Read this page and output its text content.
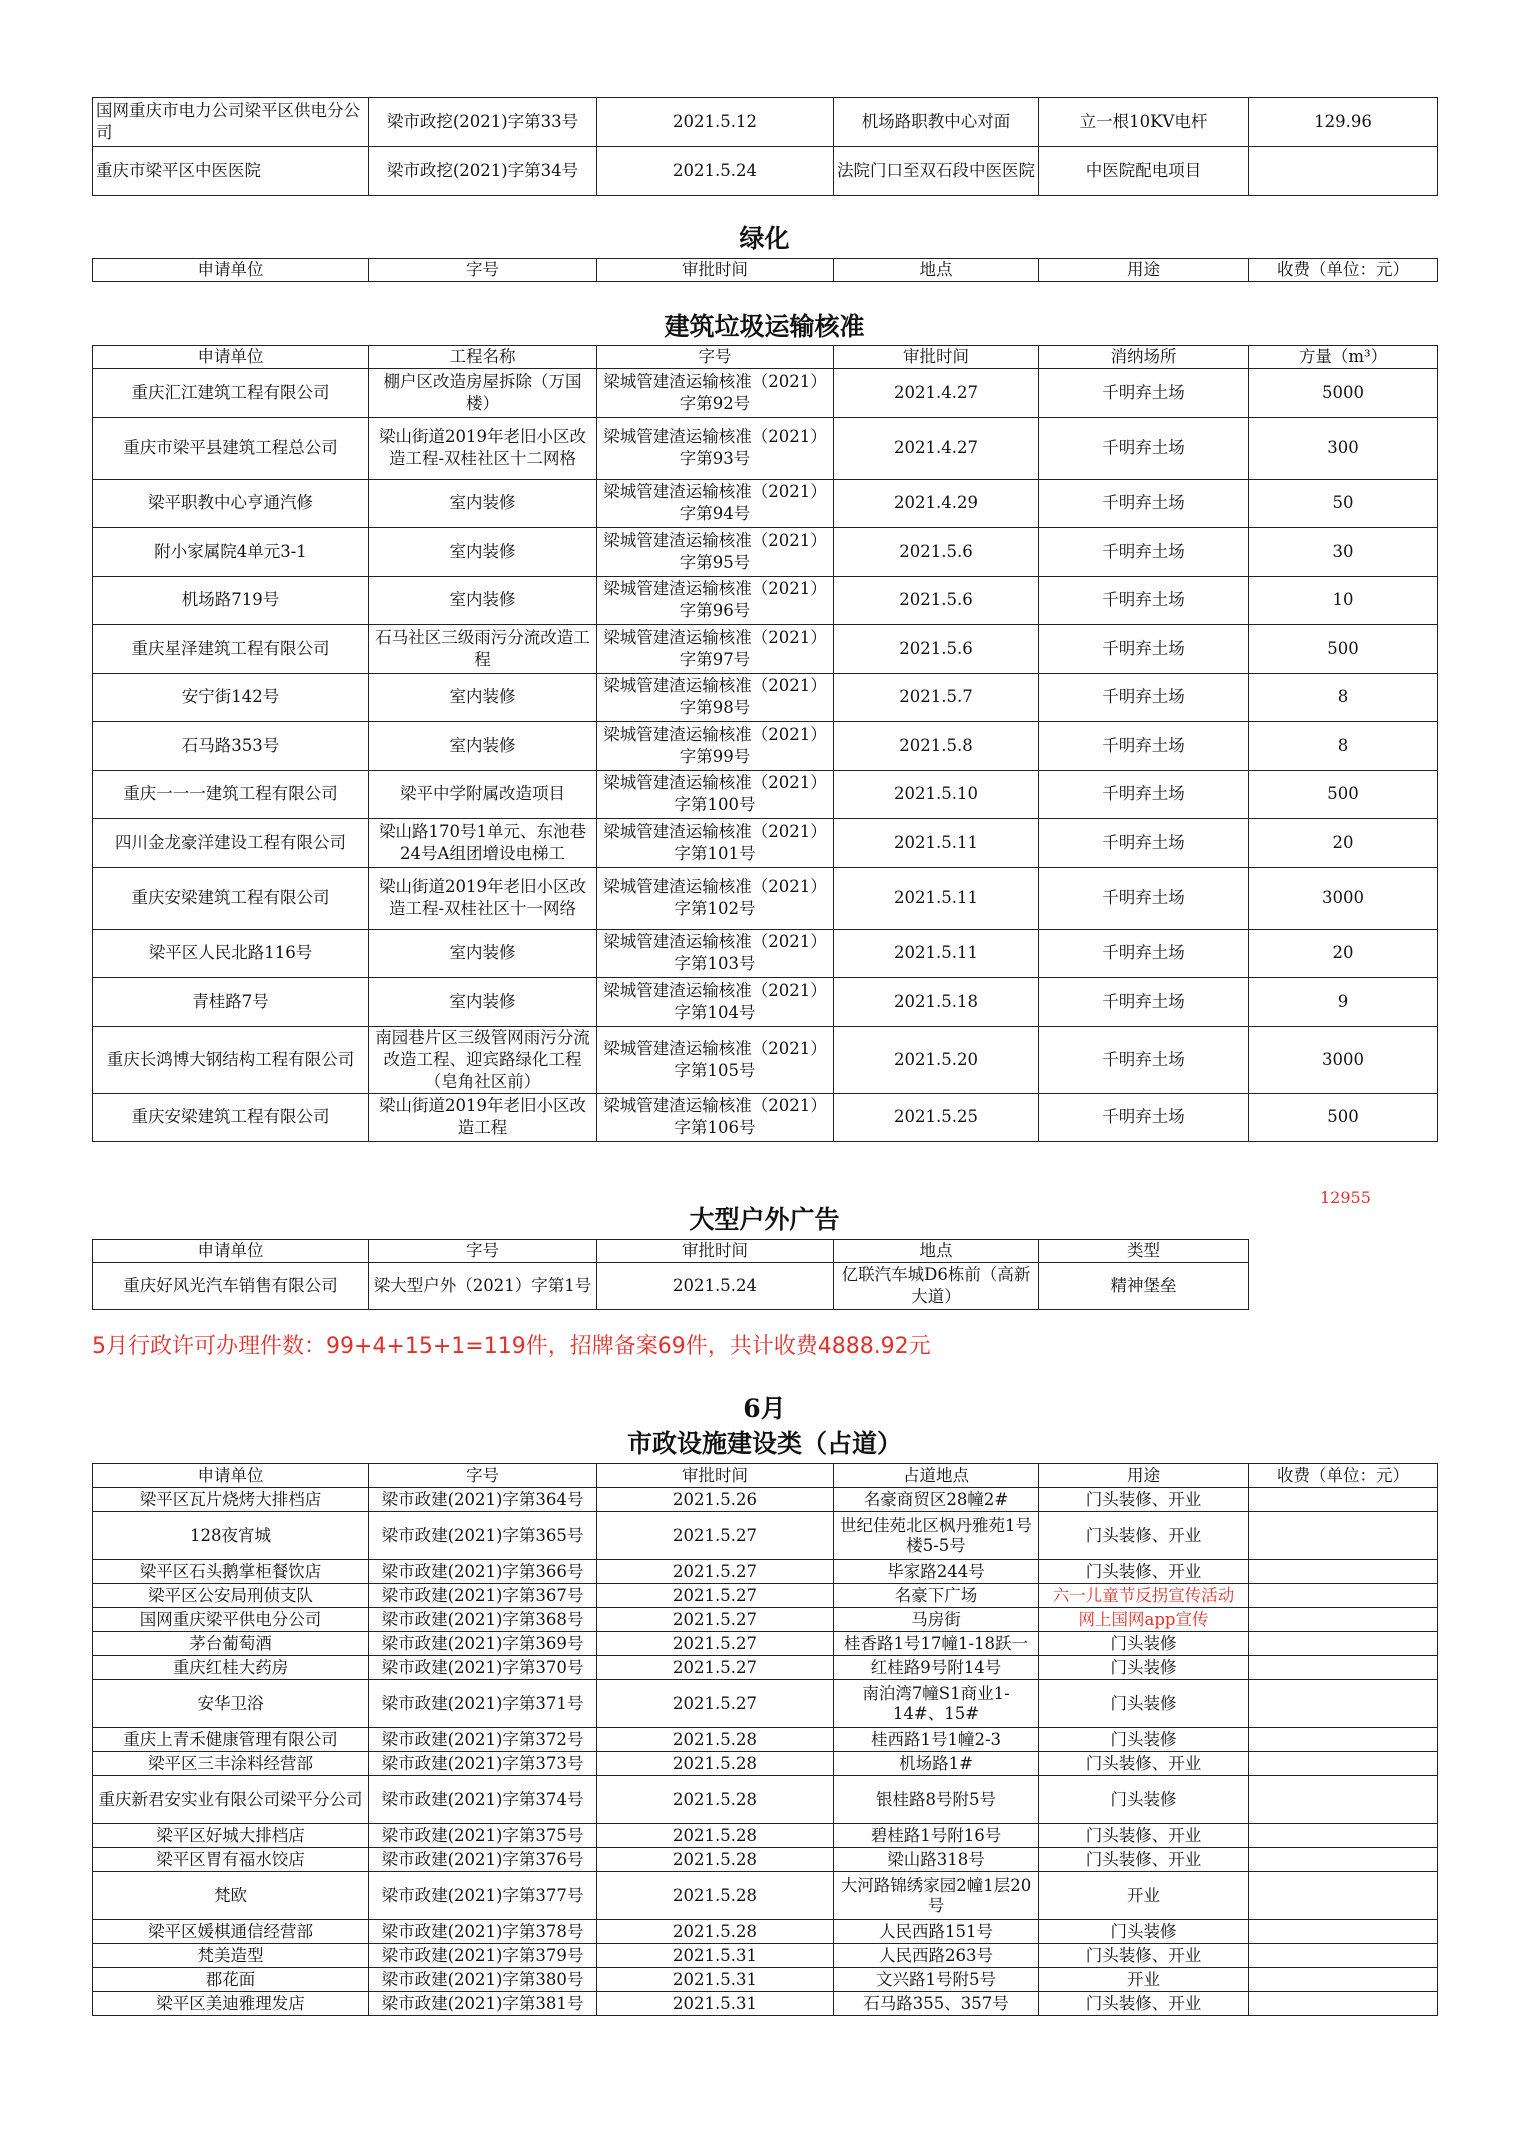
国网重庆市电力公司梁平区供电分公司	梁市政挖(2021)字第33号	2021.5.12	机场路职教中心对面	立一根10KV电杆	129.96
重庆市梁平区中医医院	梁市政挖(2021)字第34号	2021.5.24	法院门口至双石段中医医院	中医院配电项目	
绿化
申请单位	字号	审批时间	地点	用途	收费（单位：元）
建筑垃圾运输核准
申请单位	工程名称	字号	审批时间	消纳场所	方量（m³）
重庆汇江建筑工程有限公司	棚户区改造房屋拆除（万国楼）	梁城管建渣运输核准（2021）字第92号	2021.4.27	千明弃土场	5000
重庆市梁平县建筑工程总公司	梁山街道2019年老旧小区改造工程-双桂社区十二网格	梁城管建渣运输核准（2021）字第93号	2021.4.27	千明弃土场	300
梁平职教中心亨通汽修	室内装修	梁城管建渣运输核准（2021）字第94号	2021.4.29	千明弃土场	50
附小家属院4单元3-1	室内装修	梁城管建渣运输核准（2021）字第95号	2021.5.6	千明弃土场	30
机场路719号	室内装修	梁城管建渣运输核准（2021）字第96号	2021.5.6	千明弃土场	10
重庆星泽建筑工程有限公司	石马社区三级雨污分流改造工程	梁城管建渣运输核准（2021）字第97号	2021.5.6	千明弃土场	500
安宁街142号	室内装修	梁城管建渣运输核准（2021）字第98号	2021.5.7	千明弃土场	8
石马路353号	室内装修	梁城管建渣运输核准（2021）字第99号	2021.5.8	千明弃土场	8
重庆一一一建筑工程有限公司	梁平中学附属改造项目	梁城管建渣运输核准（2021）字第100号	2021.5.10	千明弃土场	500
四川金龙豪洋建设工程有限公司	梁山路170号1单元、东池巷24号A组团增设电梯工	梁城管建渣运输核准（2021）字第101号	2021.5.11	千明弃土场	20
重庆安梁建筑工程有限公司	梁山街道2019年老旧小区改造工程-双桂社区十一网络	梁城管建渣运输核准（2021）字第102号	2021.5.11	千明弃土场	3000
梁平区人民北路116号	室内装修	梁城管建渣运输核准（2021）字第103号	2021.5.11	千明弃土场	20
青桂路7号	室内装修	梁城管建渣运输核准（2021）字第104号	2021.5.18	千明弃土场	9
重庆长鸿博大钢结构工程有限公司	南园巷片区三级管网雨污分流改造工程、迎宾路绿化工程（皂角社区前）	梁城管建渣运输核准（2021）字第105号	2021.5.20	千明弃土场	3000
重庆安梁建筑工程有限公司	梁山街道2019年老旧小区改造工程	梁城管建渣运输核准（2021）字第106号	2021.5.25	千明弃土场	500
12955
大型户外广告
申请单位	字号	审批时间	地点	类型
重庆好风光汽车销售有限公司	梁大型户外（2021）字第1号	2021.5.24	亿联汽车城D6栋前（高新大道）	精神堡垒
5月行政许可办理件数：99+4+15+1=119件，招牌备案69件，共计收费4888.92元
6月
市政设施建设类（占道）
申请单位	字号	审批时间	占道地点	用途	收费（单位：元）
梁平区瓦片烧烤大排档店	梁市政建(2021)字第364号	2021.5.26	名豪商贸区28幢2#	门头装修、开业	
128夜宵城	梁市政建(2021)字第365号	2021.5.27	世纪佳苑北区枫丹雅苑1号楼5-5号	门头装修、开业	
梁平区石头鹅掌柜餐饮店	梁市政建(2021)字第366号	2021.5.27	毕家路244号	门头装修、开业	
梁平区公安局刑侦支队	梁市政建(2021)字第367号	2021.5.27	名豪下广场	六一儿童节反拐宣传活动	
国网重庆梁平供电分公司	梁市政建(2021)字第368号	2021.5.27	马房街	网上国网app宣传	
茅台葡萄酒	梁市政建(2021)字第369号	2021.5.27	桂香路1号17幢1-18跃一	门头装修	
重庆红桂大药房	梁市政建(2021)字第370号	2021.5.27	红桂路9号附14号	门头装修	
安华卫浴	梁市政建(2021)字第371号	2021.5.27	南泊湾7幢S1商业1-14#、15#	门头装修	
重庆上青禾健康管理有限公司	梁市政建(2021)字第372号	2021.5.28	桂西路1号1幢2-3	门头装修	
梁平区三丰涂料经营部	梁市政建(2021)字第373号	2021.5.28	机场路1#	门头装修、开业	
重庆新君安实业有限公司梁平分公司	梁市政建(2021)字第374号	2021.5.28	银桂路8号附5号	门头装修	
梁平区好城大排档店	梁市政建(2021)字第375号	2021.5.28	碧桂路1号附16号	门头装修、开业	
梁平区胃有福水饺店	梁市政建(2021)字第376号	2021.5.28	梁山路318号	门头装修、开业	
梵欧	梁市政建(2021)字第377号	2021.5.28	大河路锦绣家园2幢1层20号	开业	
梁平区媛棋通信经营部	梁市政建(2021)字第378号	2021.5.28	人民西路151号	门头装修	
梵美造型	梁市政建(2021)字第379号	2021.5.31	人民西路263号	门头装修、开业	
郡花面	梁市政建(2021)字第380号	2021.5.31	文兴路1号附5号	开业	
梁平区美迪雅理发店	梁市政建(2021)字第381号	2021.5.31	石马路355、357号	门头装修、开业	
